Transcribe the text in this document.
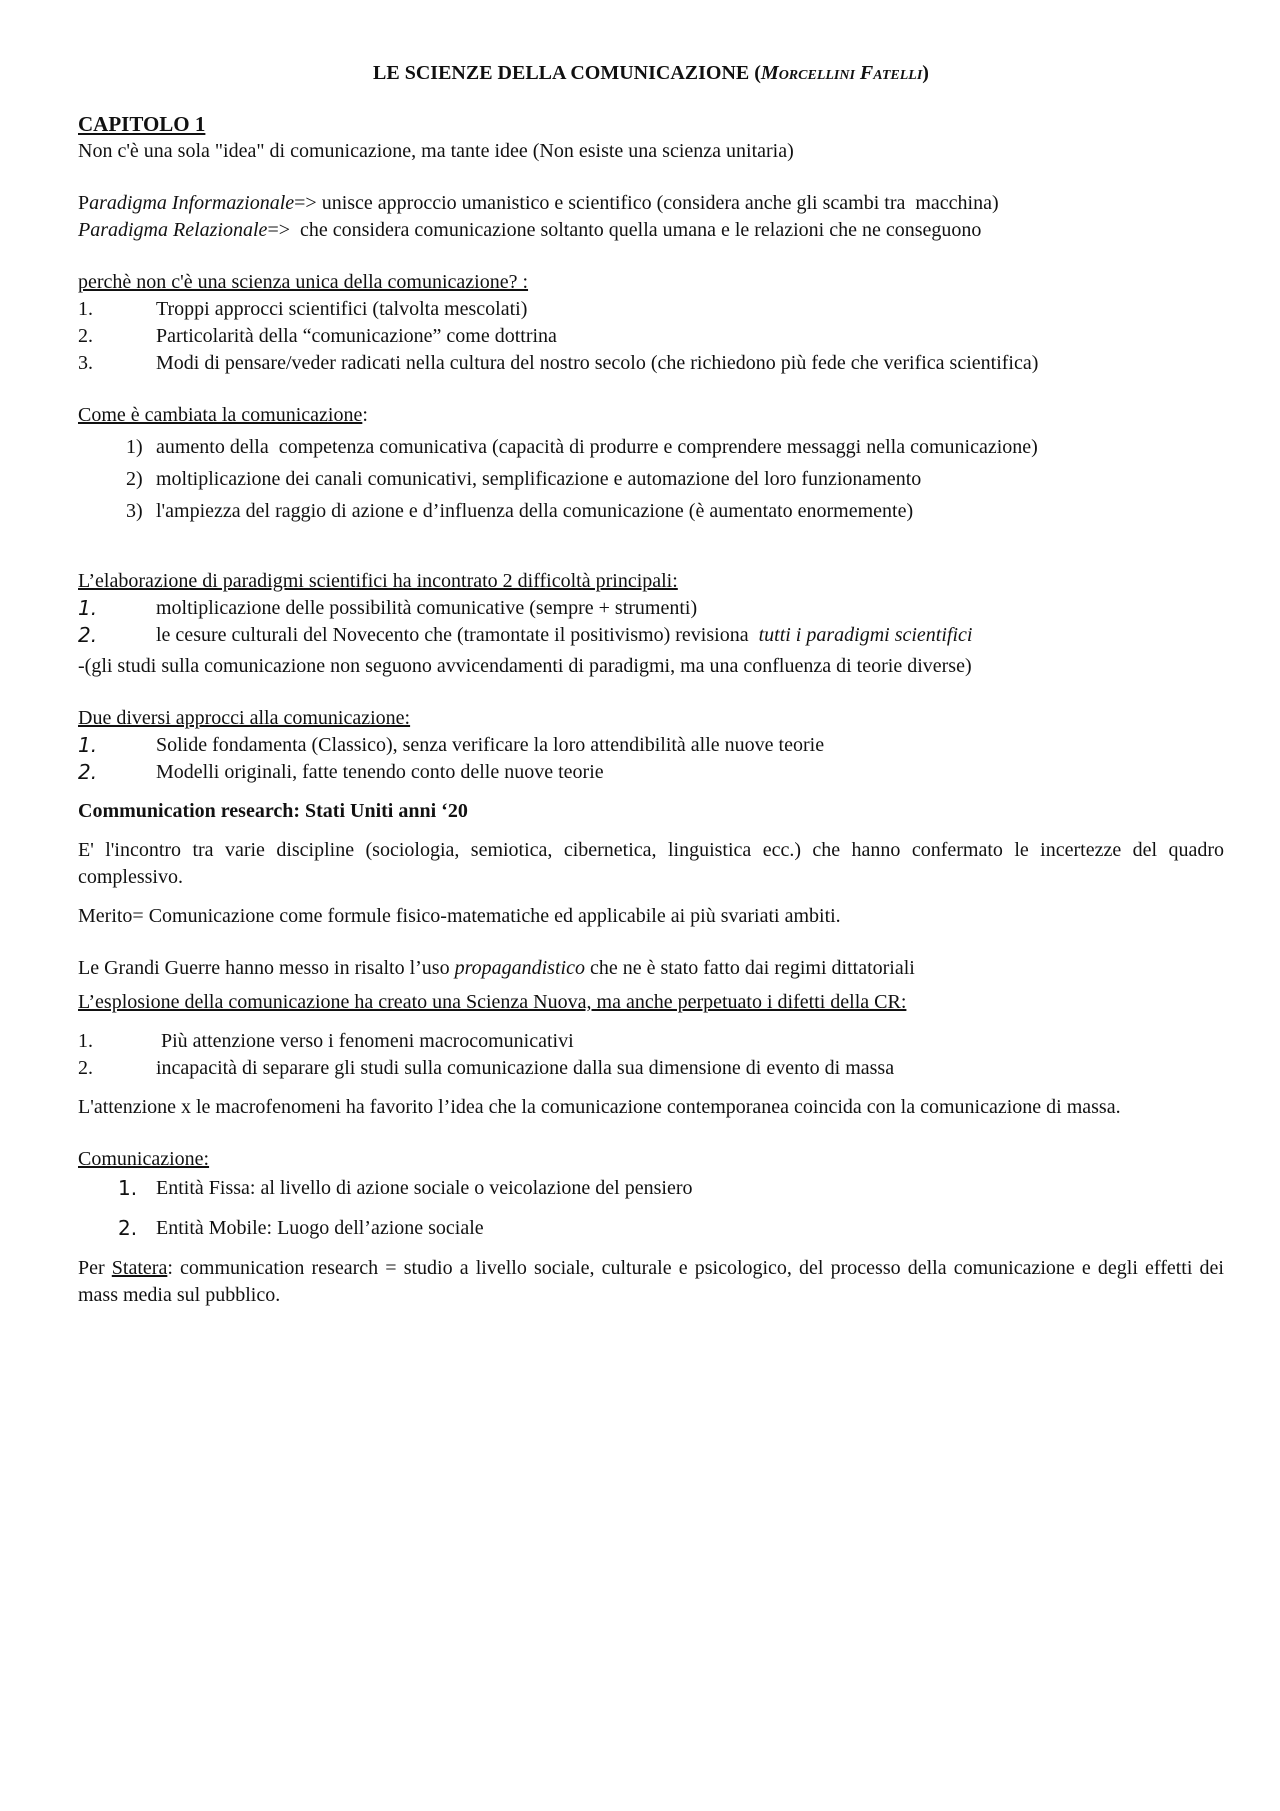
LE SCIENZE DELLA COMUNICAZIONE (Morcellini Fatelli)

CAPITOLO 1

Non c'è una sola "idea" di comunicazione, ma tante idee (Non esiste una scienza unitaria)

Paradigma Informazionale=> unisce approccio umanistico e scientifico (considera anche gli scambi tra  macchina)

Paradigma Relazionale=>  che considera comunicazione soltanto quella umana e le relazioni che ne conseguono

perchè non c'è una scienza unica della comunicazione? :

1.	Troppi approcci scientifici (talvolta mescolati)
2.	Particolarità della “comunicazione” come dottrina
3.	Modi di pensare/veder radicati nella cultura del nostro secolo (che richiedono più fede che verifica scientifica)

Come è cambiata la comunicazione:

1) aumento della  competenza comunicativa (capacità di produrre e comprendere messaggi nella comunicazione)
2) moltiplicazione dei canali comunicativi, semplificazione e automazione del loro funzionamento
3) l'ampiezza del raggio di azione e d’influenza della comunicazione (è aumentato enormemente)

L’elaborazione di paradigmi scientifici ha incontrato 2 difficoltà principali:

1.	moltiplicazione delle possibilità comunicative (sempre + strumenti)
2.	le cesure culturali del Novecento che (tramontate il positivismo) revisiona  tutti i paradigmi scientifici

-(gli studi sulla comunicazione non seguono avvicendamenti di paradigmi, ma una confluenza di teorie diverse)

Due diversi approcci alla comunicazione:

1.	Solide fondamenta (Classico), senza verificare la loro attendibilità alle nuove teorie
2.	Modelli originali, fatte tenendo conto delle nuove teorie

Communication research: Stati Uniti anni ‘20

E' l'incontro tra varie discipline (sociologia, semiotica, cibernetica, linguistica ecc.) che hanno confermato le incertezze del quadro complessivo.

Merito= Comunicazione come formule fisico-matematiche ed applicabile ai più svariati ambiti.

Le Grandi Guerre hanno messo in risalto l’uso propagandistico che ne è stato fatto dai regimi dittatoriali

L’esplosione della comunicazione ha creato una Scienza Nuova, ma anche perpetuato i difetti della CR:

1.	Più attenzione verso i fenomeni macrocomunicativi
2.	incapacità di separare gli studi sulla comunicazione dalla sua dimensione di evento di massa

L'attenzione x le macrofenomeni ha favorito l’idea che la comunicazione contemporanea coincida con la comunicazione di massa.

Comunicazione:

1. Entità Fissa: al livello di azione sociale o veicolazione del pensiero
2. Entità Mobile: Luogo dell’azione sociale

Per Statera: communication research = studio a livello sociale, culturale e psicologico, del processo della comunicazione e degli effetti dei mass media sul pubblico.
